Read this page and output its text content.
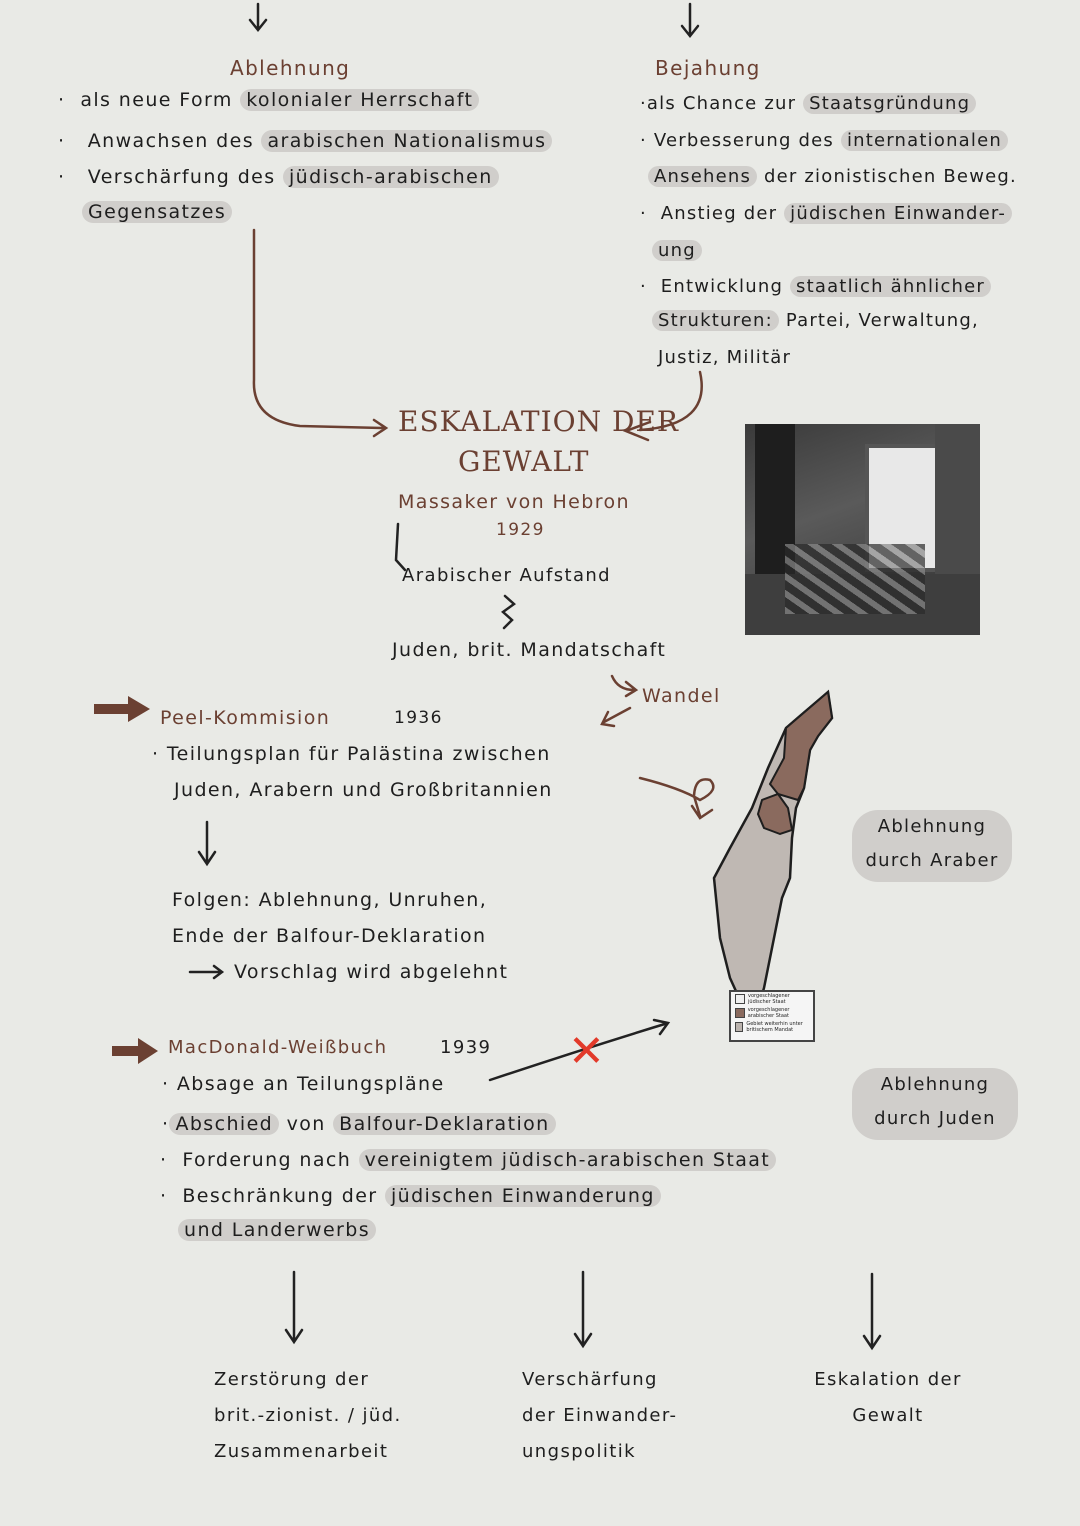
Ablehnung
·  als neue Form kolonialer Herrschaft
·   Anwachsen des arabischen Nationalismus
·   Verschärfung des jüdisch-arabischen
Gegensatzes
Bejahung
·als Chance zur Staatsgründung
· Verbesserung des internationalen
Ansehens der zionistischen Beweg.
·  Anstieg der jüdischen Einwander-
ung
·  Entwicklung staatlich ähnlicher
Strukturen: Partei, Verwaltung,
Justiz, Militär
ESKALATION DER
GEWALT
Massaker von Hebron
1929
Arabischer Aufstand
Juden, brit. Mandatschaft
Wandel
Peel-Kommision	1936
· Teilungsplan für Palästina zwischen
Juden, Arabern und Großbritannien
Folgen: Ablehnung, Unruhen,
Ende der Balfour-Deklaration
Vorschlag wird abgelehnt
Ablehnung
durch Araber
vorgeschlagener jüdischer Staat
vorgeschlagener arabischer Staat
Gebiet weiterhin unter britischem Mandat
MacDonald-Weißbuch	1939 ✕
· Absage an Teilungspläne
· Abschied von Balfour-Deklaration
·  Forderung nach vereinigtem jüdisch-arabischen Staat
·  Beschränkung der jüdischen Einwanderung
und Landerwerbs
Ablehnung
durch Juden
Zerstörung der
brit.-zionist. / jüd.
Zusammenarbeit
Verschärfung
der Einwander-
ungspolitik
Eskalation der
Gewalt
